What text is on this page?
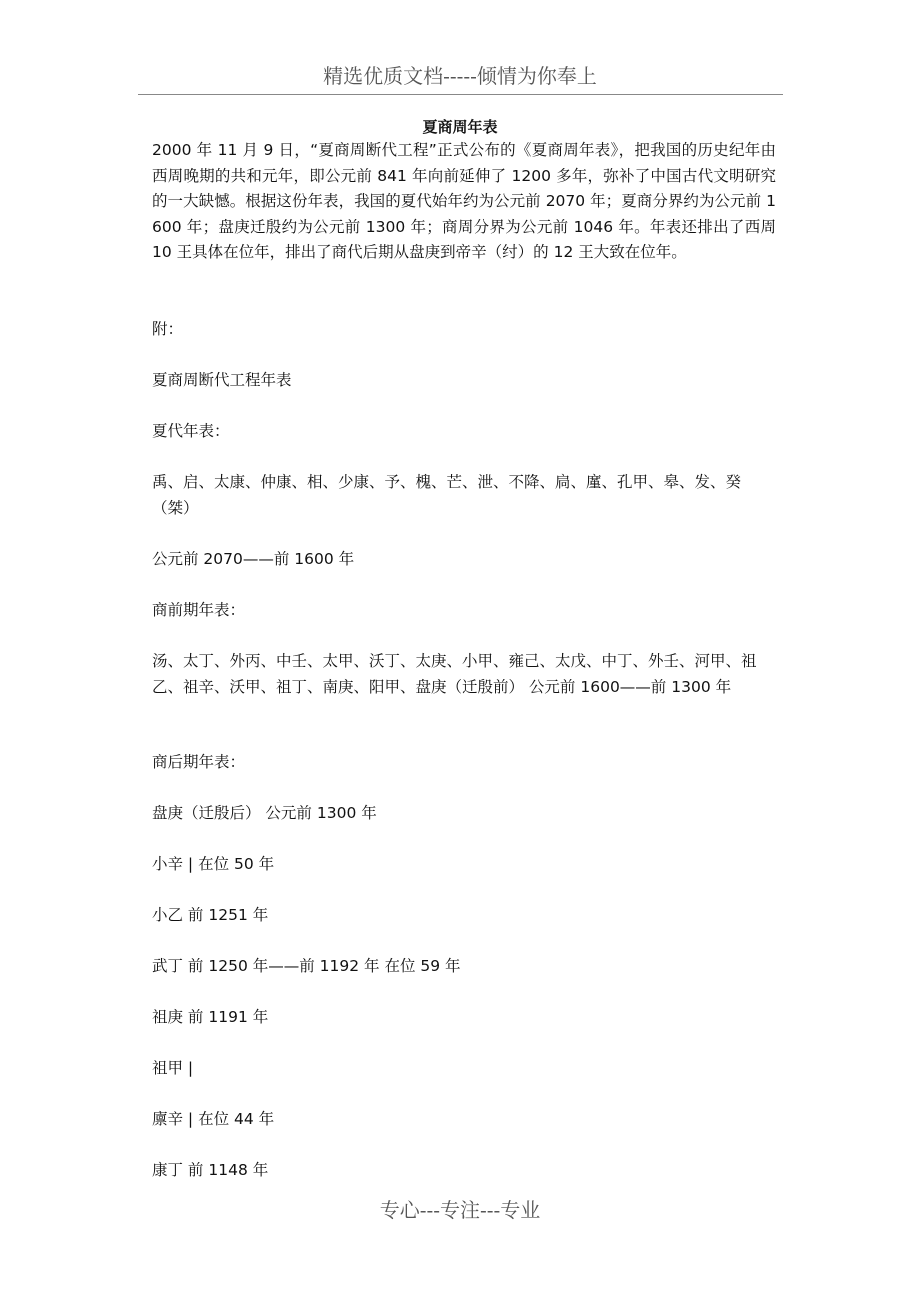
精选优质文档-----倾情为你奉上
夏商周年表

2000 年 11 月 9 日，“夏商周断代工程”正式公布的《夏商周年表》，把我国的历史纪年由西周晚期的共和元年，即公元前 841 年向前延伸了 1200 多年，弥补了中国古代文明研究的一大缺憾。根据这份年表，我国的夏代始年约为公元前 2070 年；夏商分界约为公元前 1600 年；盘庚迁殷约为公元前 1300 年；商周分界为公元前 1046 年。年表还排出了西周 10 王具体在位年，排出了商代后期从盘庚到帝辛（纣）的 12 王大致在位年。

附：

夏商周断代工程年表

夏代年表：

禹、启、太康、仲康、相、少康、予、槐、芒、泄、不降、扃、廑、孔甲、皋、发、癸（桀）

公元前 2070——前 1600 年

商前期年表：

汤、太丁、外丙、中壬、太甲、沃丁、太庚、小甲、雍己、太戊、中丁、外壬、河甲、祖乙、祖辛、沃甲、祖丁、南庚、阳甲、盘庚（迁殷前） 公元前 1600——前 1300 年

商后期年表：

盘庚（迁殷后） 公元前 1300 年

小辛 | 在位 50 年

小乙 前 1251 年

武丁 前 1250 年——前 1192 年 在位 59 年

祖庚 前 1191 年

祖甲 |

廪辛 | 在位 44 年

康丁 前 1148 年

专心---专注---专业
